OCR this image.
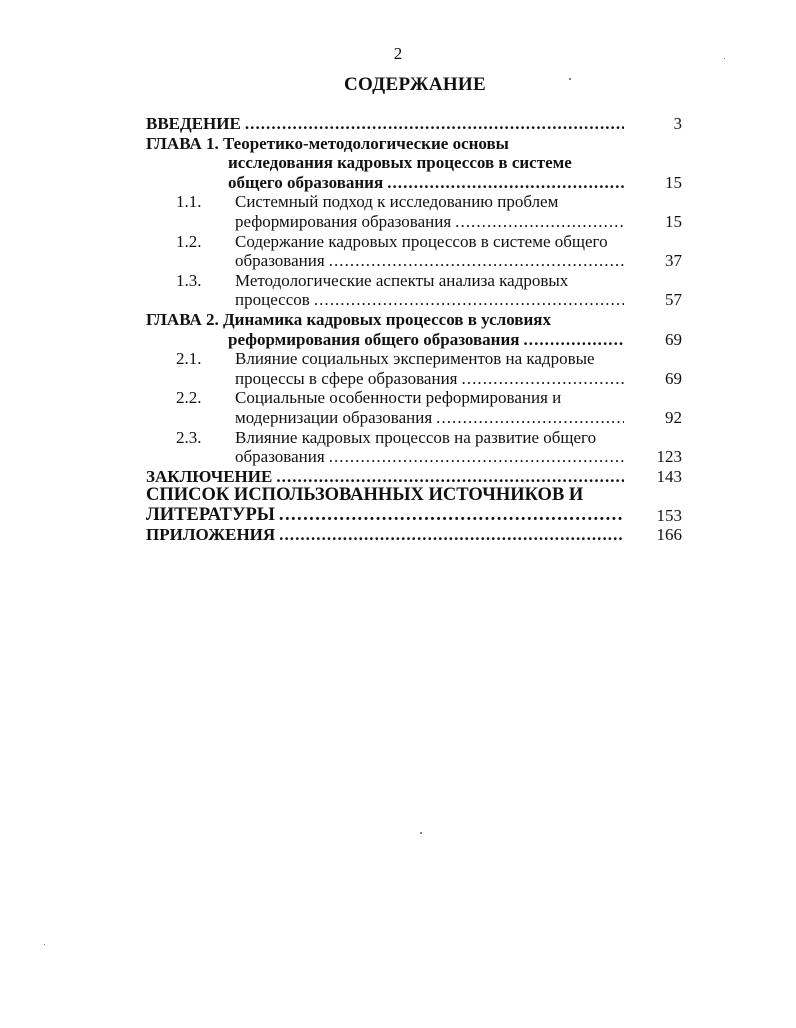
2
СОДЕРЖАНИЕ
ВВЕДЕНИЕ . . .	3
ГЛАВА 1. Теоретико-методологические основы
исследования кадровых процессов в системе
общего образования . . .	15
1.1.	Системный подход к исследованию проблем
реформирования образования . . .	15
1.2.	Содержание кадровых процессов в системе общего
образования . . .	37
1.3.	Методологические аспекты анализа кадровых
процессов . . .	57
ГЛАВА 2. Динамика кадровых процессов в условиях
реформирования общего образования . . .	69
2.1.	Влияние социальных экспериментов на кадровые
процессы в сфере образования . . .	69
2.2.	Социальные особенности реформирования и
модернизации образования . . .	92
2.3.	Влияние кадровых процессов на развитие общего
образования . . .	123
ЗАКЛЮЧЕНИЕ . . .	143
СПИСОК ИСПОЛЬЗОВАННЫХ ИСТОЧНИКОВ И
ЛИТЕРАТУРЫ . . .	153
ПРИЛОЖЕНИЯ . . .	166
